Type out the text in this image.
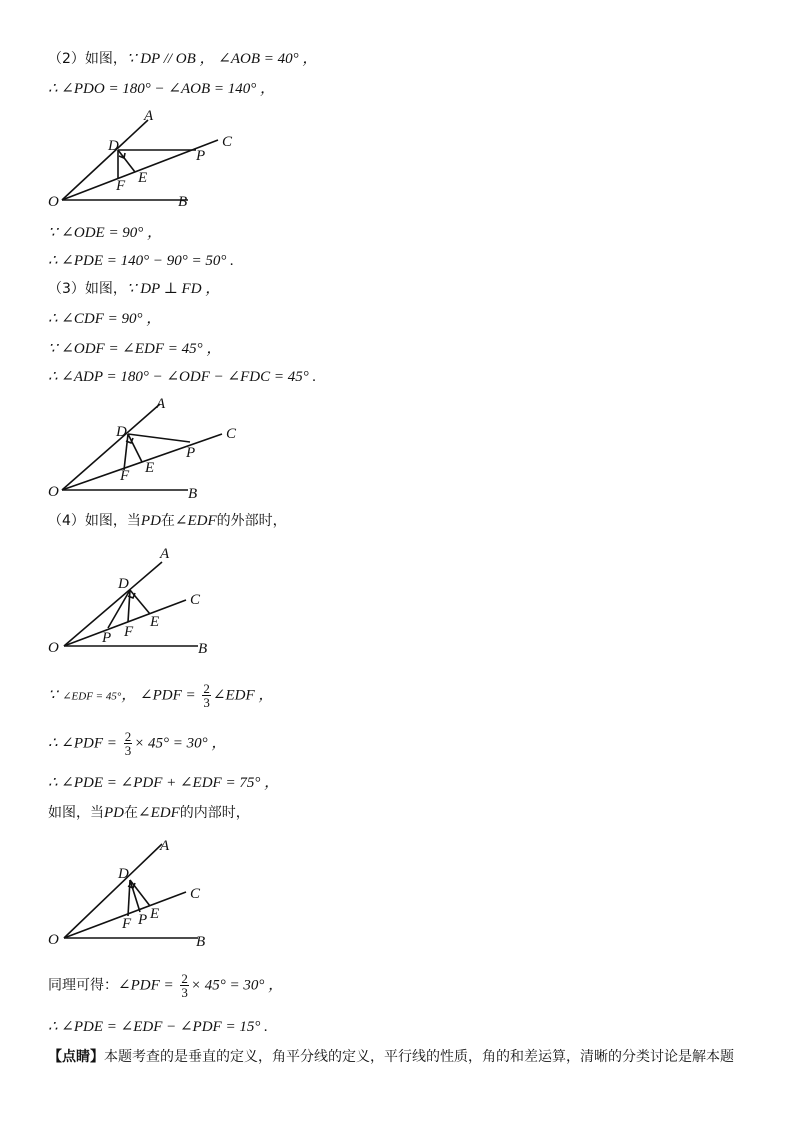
（2）如图，∵ DP // OB ， ∠AOB = 40° ，
∴ ∠PDO = 180° − ∠AOB = 140° ，
A
C
D
P
F E
O	B
∵ ∠ODE = 90° ，
∴ ∠PDE = 140° − 90° = 50° .
（3）如图，∵ DP ⊥ FD ，
∴ ∠CDF = 90° ，
∵ ∠ODF = ∠EDF = 45° ，
∴ ∠ADP = 180° − ∠ODF − ∠FDC = 45° .
A
C
D
P
F E
O	B
（4）如图，当PD在∠EDF的外部时，
A
C
D
P F
E
O	B
∵ ∠EDF = 45°， ∠PDF = $\frac{2}{3}$ ∠EDF ，
∴ ∠PDF = $\frac{2}{3} \times 45^\circ = 30^\circ$ ，
∴ ∠PDE = ∠PDF + ∠EDF = 75° ，
如图，当PD在∠EDF的内部时，
A
C
D
F P E
O	B
同理可得：∠PDF = $\frac{2}{3} \times 45^\circ = 30^\circ$ ，
∴ ∠PDE = ∠EDF − ∠PDF = 15° .
【点睛】本题考查的是垂直的定义，角平分线的定义，平行线的性质，角的和差运算，清晰的分类讨论是解本题
